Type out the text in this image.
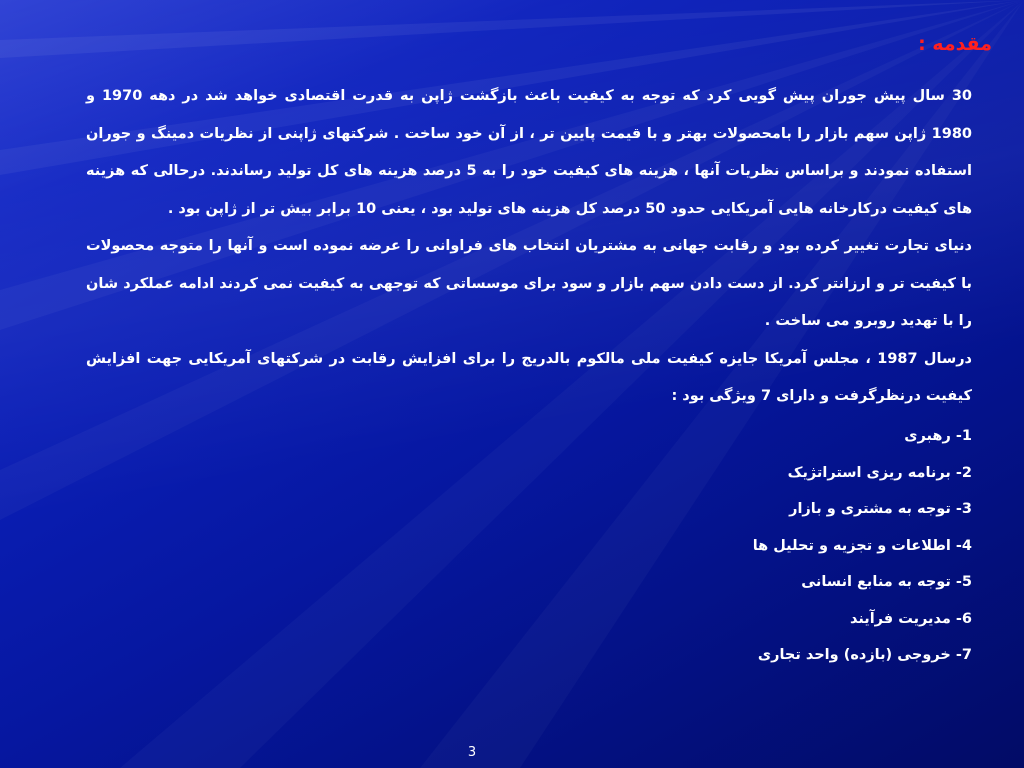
مقدمه :

30 سال پیش جوران پیش گویی کرد که توجه به کیفیت باعث بازگشت ژاپن به قدرت اقتصادی خواهد شد در دهه 1970 و 1980 ژاپن سهم بازار را بامحصولات بهتر و با قیمت پایین تر ، از آن خود ساخت . شرکتهای ژاپنی از نظریات دمینگ و جوران استفاده نمودند و براساس نظریات آنها ، هزینه های کیفیت خود را به 5 درصد هزینه های کل تولید رساندند. درحالی که هزینه های کیفیت درکارخانه هایی آمریکایی حدود 50 درصد کل هزینه های تولید بود ، یعنی 10 برابر بیش تر از ژاپن بود .

دنیای تجارت تغییر کرده بود و رقابت جهانی به مشتریان انتخاب های فراوانی را عرضه نموده است و آنها را متوجه محصولات با کیفیت تر و ارزانتر کرد. از دست دادن سهم بازار و سود برای موسساتی که توجهی به کیفیت نمی کردند ادامه عملکرد شان را با تهدید روبرو می ساخت .

درسال 1987 ، مجلس آمریکا جایزه کیفیت ملی مالکوم بالدریج را برای افزایش رقابت در شرکتهای آمریکایی جهت افزایش کیفیت درنظرگرفت و دارای 7 ویژگی بود :

1- رهبری
2- برنامه ریزی استراتژیک
3- توجه به مشتری و بازار
4- اطلاعات و تجزیه و تحلیل ها
5- توجه به منابع انسانی
6- مدیریت فرآیند
7- خروجی (بازده) واحد تجاری
3
